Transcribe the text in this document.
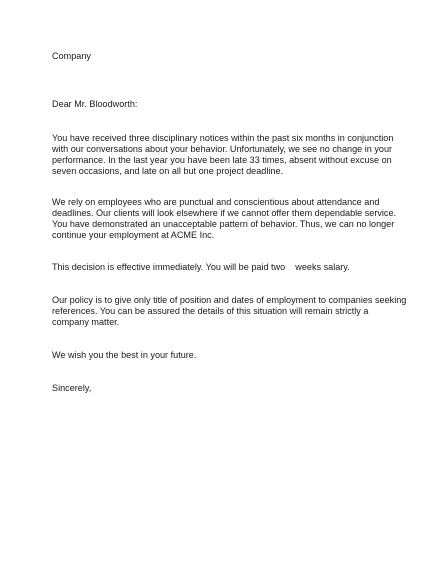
Company
Dear Mr. Bloodworth:
You have received three disciplinary notices within the past six months in conjunction
with our conversations about your behavior. Unfortunately, we see no change in your
performance. In the last year you have been late 33 times, absent without excuse on
seven occasions, and late on all but one project deadline.
We rely on employees who are punctual and conscientious about attendance and
deadlines. Our clients will look elsewhere if we cannot offer them dependable service.
You have demonstrated an unacceptable pattern of behavior. Thus, we can no longer
continue your employment at ACME Inc.
This decision is effective immediately. You will be paid two    weeks salary.
Our policy is to give only title of position and dates of employment to companies seeking
references. You can be assured the details of this situation will remain strictly a
company matter.
We wish you the best in your future.
Sincerely,
